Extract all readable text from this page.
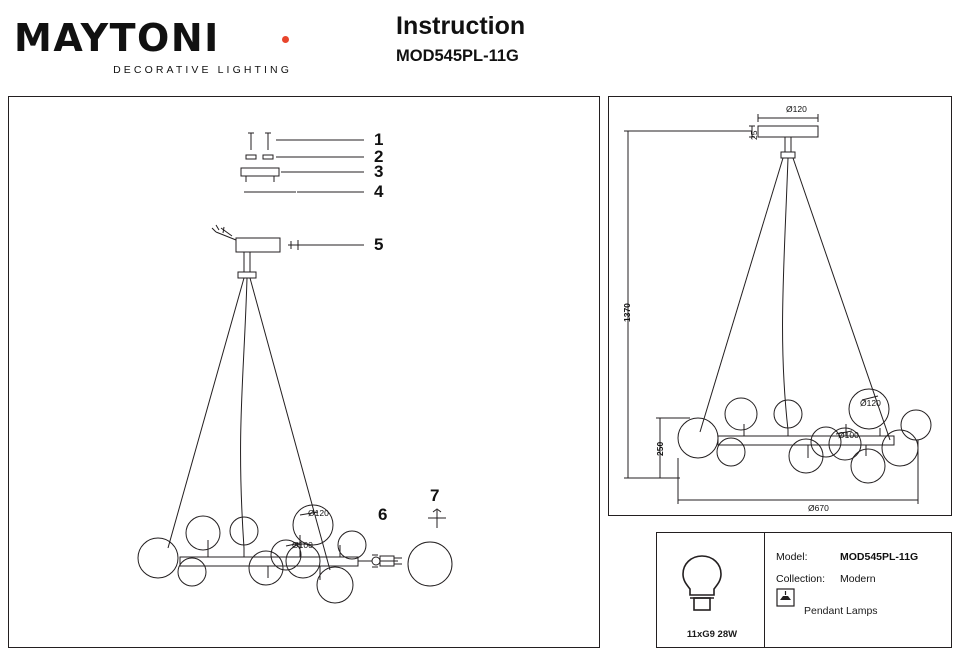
MAYTONI
DECORATIVE LIGHTING
Instruction
MOD545PL-11G
1
2
3
4
5
6
7
Ø120
Ø100
Ø120
25
1370
250
Ø670
Ø120
Ø100
Model:	MOD545PL-11G
Collection:	Modern
Pendant Lamps
11xG9 28W
